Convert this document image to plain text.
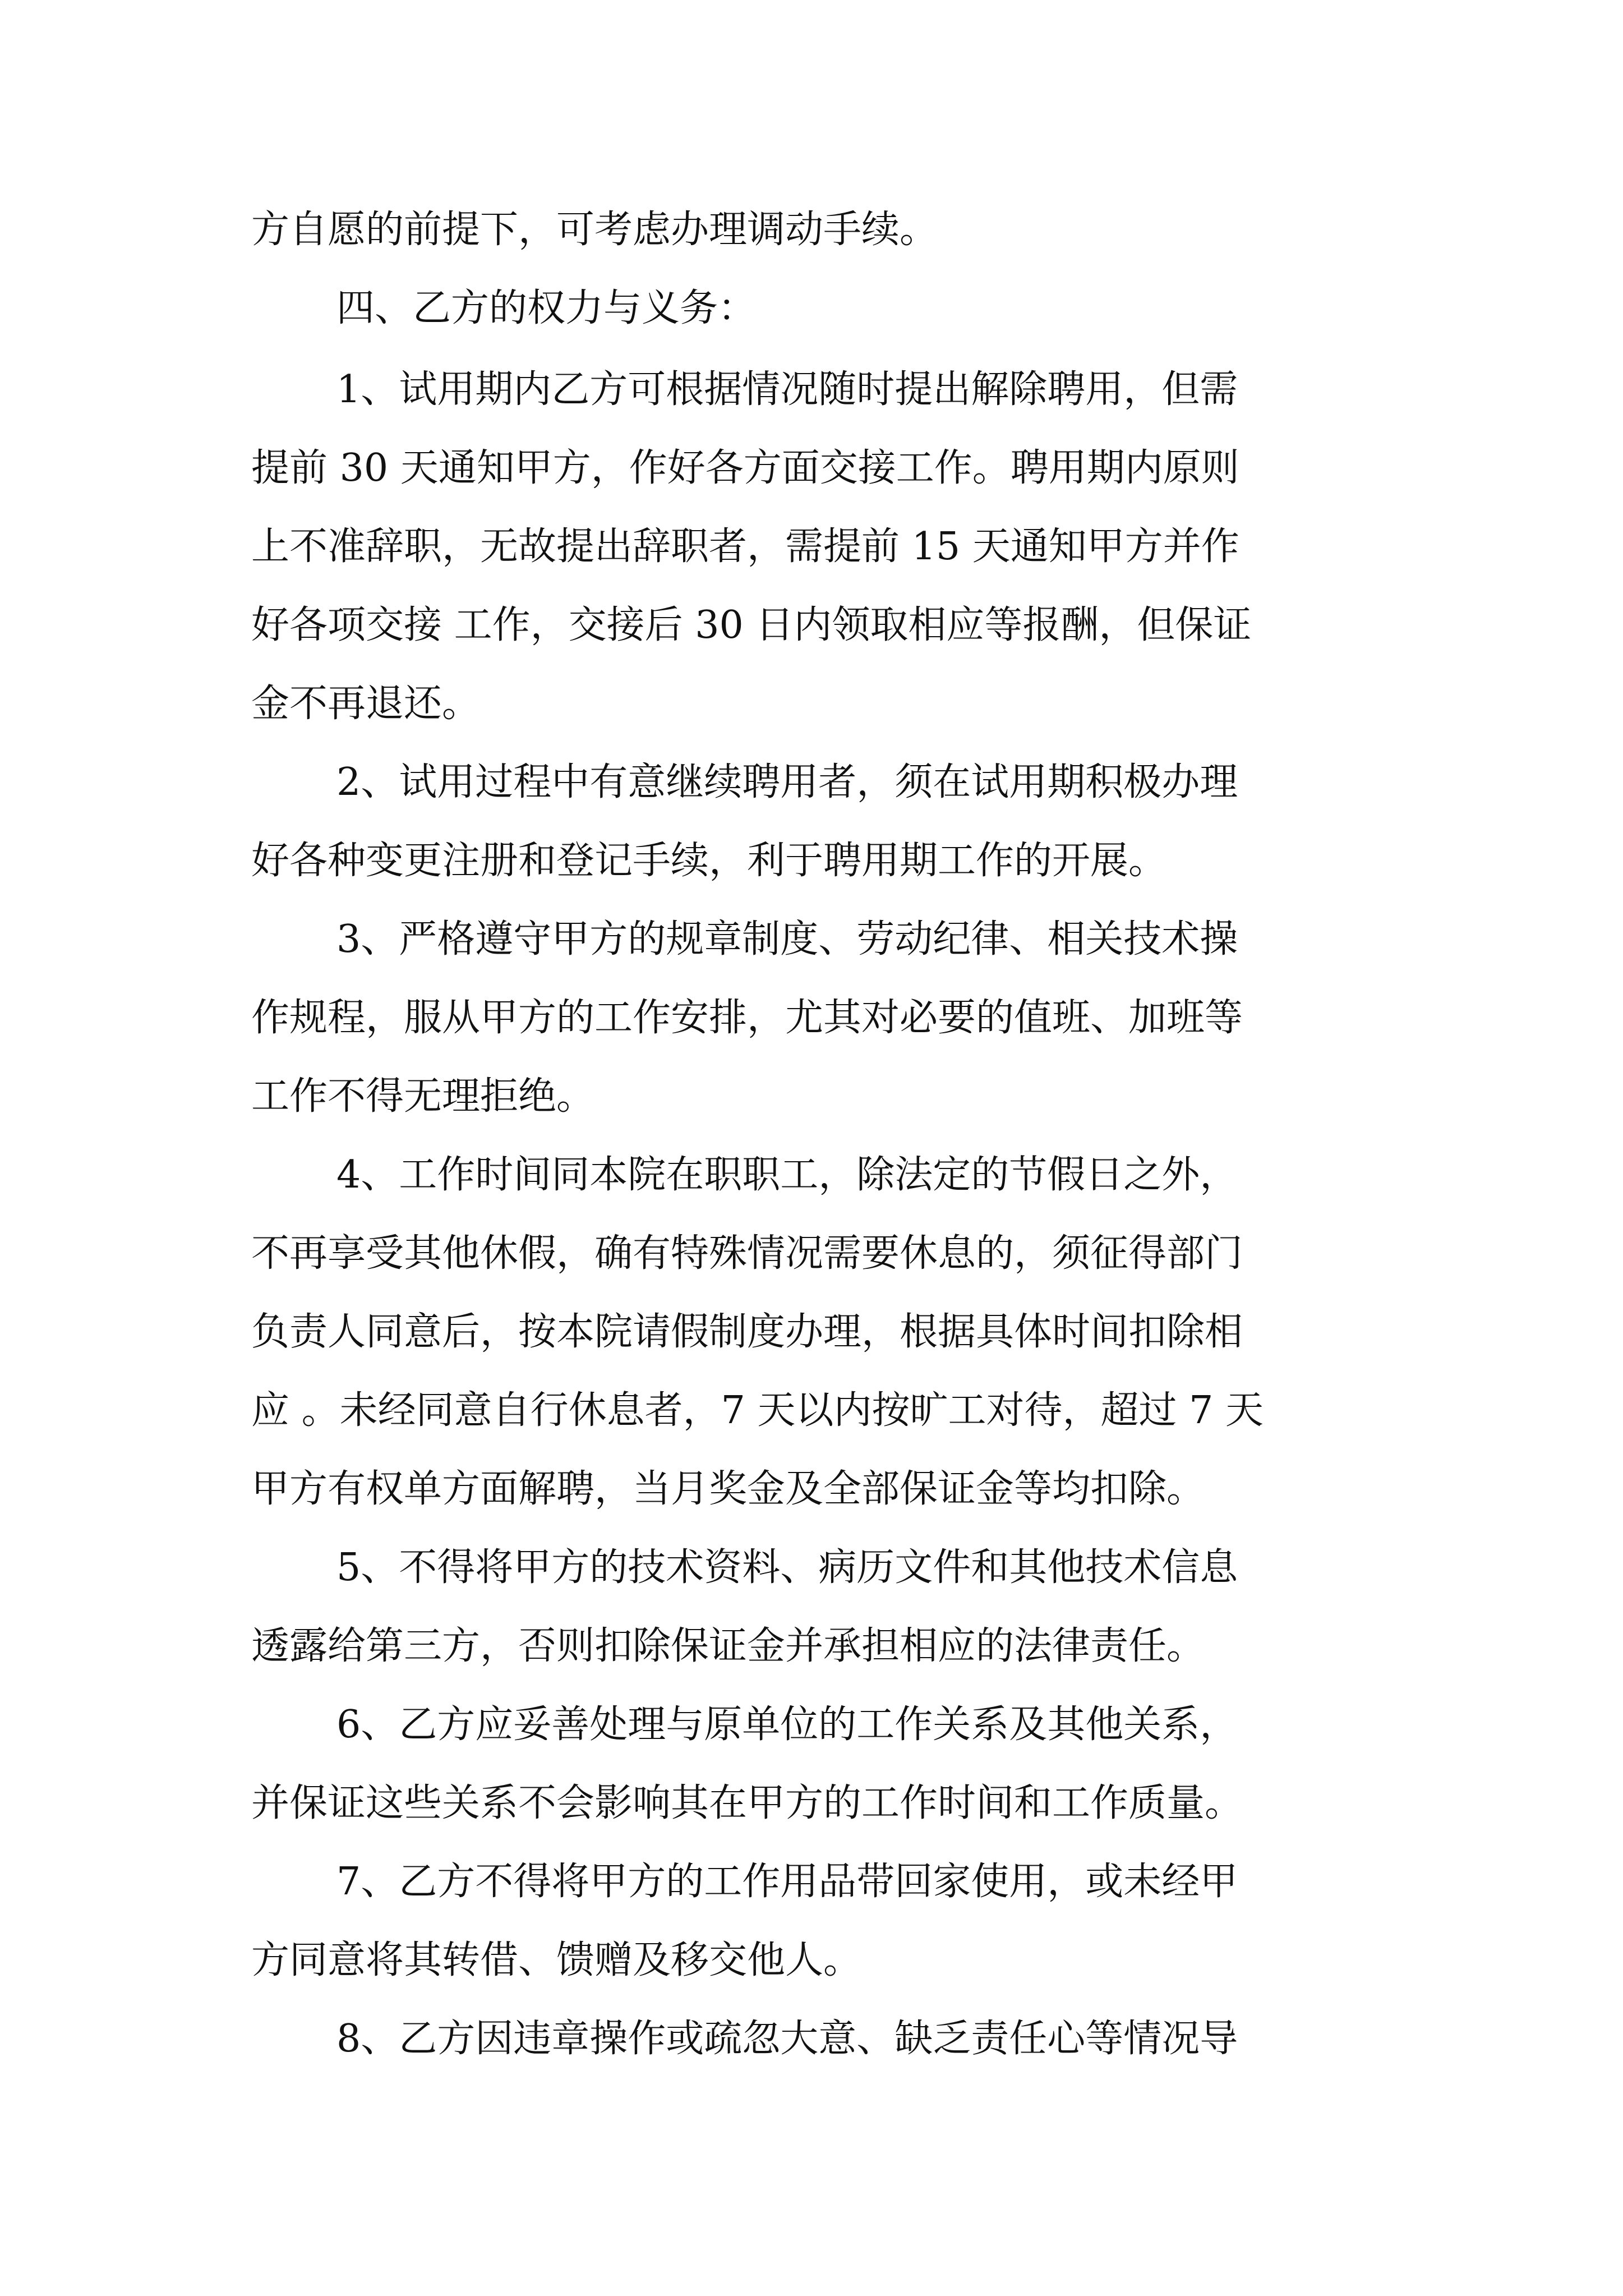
方自愿的前提下，可考虑办理调动手续。

四、乙方的权力与义务：

1、试用期内乙方可根据情况随时提出解除聘用，但需

提前 30 天通知甲方，作好各方面交接工作。聘用期内原则

上不准辞职，无故提出辞职者，需提前 15 天通知甲方并作

好各项交接 工作，交接后 30 日内领取相应等报酬，但保证

金不再退还。

2、试用过程中有意继续聘用者，须在试用期积极办理

好各种变更注册和登记手续，利于聘用期工作的开展。

3、严格遵守甲方的规章制度、劳动纪律、相关技术操

作规程，服从甲方的工作安排，尤其对必要的值班、加班等

工作不得无理拒绝。

4、工作时间同本院在职职工，除法定的节假日之外，

不再享受其他休假，确有特殊情况需要休息的，须征得部门

负责人同意后，按本院请假制度办理，根据具体时间扣除相

应 。未经同意自行休息者，7 天以内按旷工对待，超过 7 天

甲方有权单方面解聘，当月奖金及全部保证金等均扣除。

5、不得将甲方的技术资料、病历文件和其他技术信息

透露给第三方，否则扣除保证金并承担相应的法律责任。

6、乙方应妥善处理与原单位的工作关系及其他关系，

并保证这些关系不会影响其在甲方的工作时间和工作质量。

7、乙方不得将甲方的工作用品带回家使用，或未经甲

方同意将其转借、馈赠及移交他人。

8、乙方因违章操作或疏忽大意、缺乏责任心等情况导
